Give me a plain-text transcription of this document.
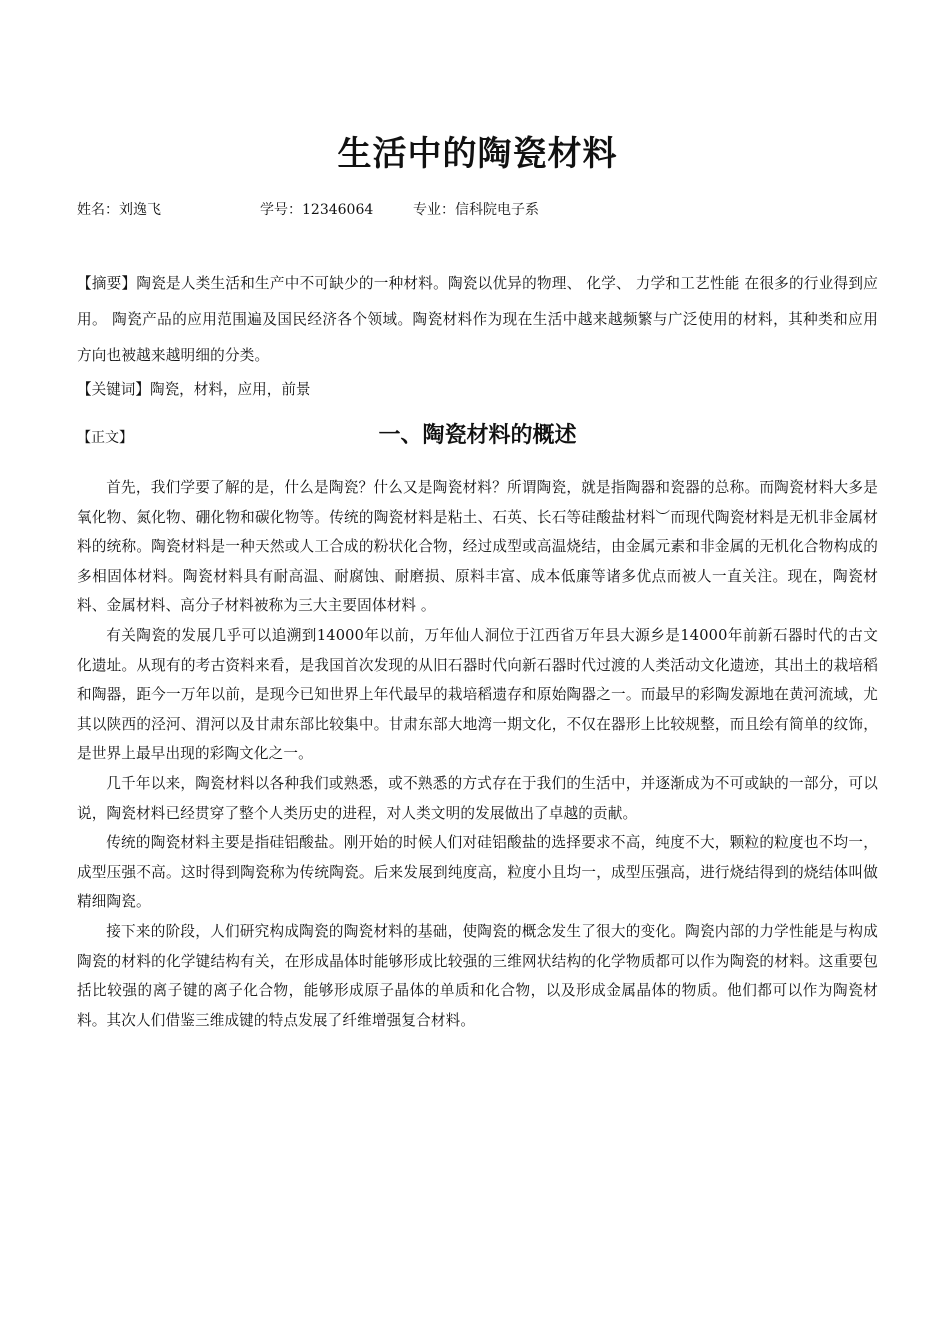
生活中的陶瓷材料
姓名：刘逸飞	学号：12346064	专业：信科院电子系

【摘要】陶瓷是人类生活和生产中不可缺少的一种材料。陶瓷以优异的物理、 化学、 力学和工艺性能 在很多的行业得到应用。 陶瓷产品的应用范围遍及国民经济各个领域。陶瓷材料作为现在生活中越来越频繁与广泛使用的材料，其种类和应用方向也被越来越明细的分类。

【关键词】陶瓷，材料，应用，前景

【正文】	一、陶瓷材料的概述

首先，我们学要了解的是，什么是陶瓷？什么又是陶瓷材料？所谓陶瓷，就是指陶器和瓷器的总称。而陶瓷材料大多是氧化物、氮化物、硼化物和碳化物等。传统的陶瓷材料是粘土、石英、长石等硅酸盐材料︶而现代陶瓷材料是无机非金属材料的统称。陶瓷材料是一种天然或人工合成的粉状化合物，经过成型或高温烧结，由金属元素和非金属的无机化合物构成的多相固体材料。陶瓷材料具有耐高温、耐腐蚀、耐磨损、原料丰富、成本低廉等诸多优点而被人一直关注。现在，陶瓷材料、金属材料、高分子材料被称为三大主要固体材料 。

有关陶瓷的发展几乎可以追溯到14000年以前，万年仙人洞位于江西省万年县大源乡是14000年前新石器时代的古文化遗址。从现有的考古资料来看，是我国首次发现的从旧石器时代向新石器时代过渡的人类活动文化遗迹，其出土的栽培稻和陶器，距今一万年以前，是现今已知世界上年代最早的栽培稻遗存和原始陶器之一。而最早的彩陶发源地在黄河流域，尤其以陕西的泾河、渭河以及甘肃东部比较集中。甘肃东部大地湾一期文化，不仅在器形上比较规整，而且绘有简单的纹饰，是世界上最早出现的彩陶文化之一。

几千年以来，陶瓷材料以各种我们或熟悉，或不熟悉的方式存在于我们的生活中，并逐渐成为不可或缺的一部分，可以说，陶瓷材料已经贯穿了整个人类历史的进程，对人类文明的发展做出了卓越的贡献。

传统的陶瓷材料主要是指硅铝酸盐。刚开始的时候人们对硅铝酸盐的选择要求不高，纯度不大，颗粒的粒度也不均一，成型压强不高。这时得到陶瓷称为传统陶瓷。后来发展到纯度高，粒度小且均一，成型压强高，进行烧结得到的烧结体叫做精细陶瓷。

接下来的阶段，人们研究构成陶瓷的陶瓷材料的基础，使陶瓷的概念发生了很大的变化。陶瓷内部的力学性能是与构成陶瓷的材料的化学键结构有关，在形成晶体时能够形成比较强的三维网状结构的化学物质都可以作为陶瓷的材料。这重要包括比较强的离子键的离子化合物，能够形成原子晶体的单质和化合物，以及形成金属晶体的物质。他们都可以作为陶瓷材料。其次人们借鉴三维成键的特点发展了纤维增强复合材料。
